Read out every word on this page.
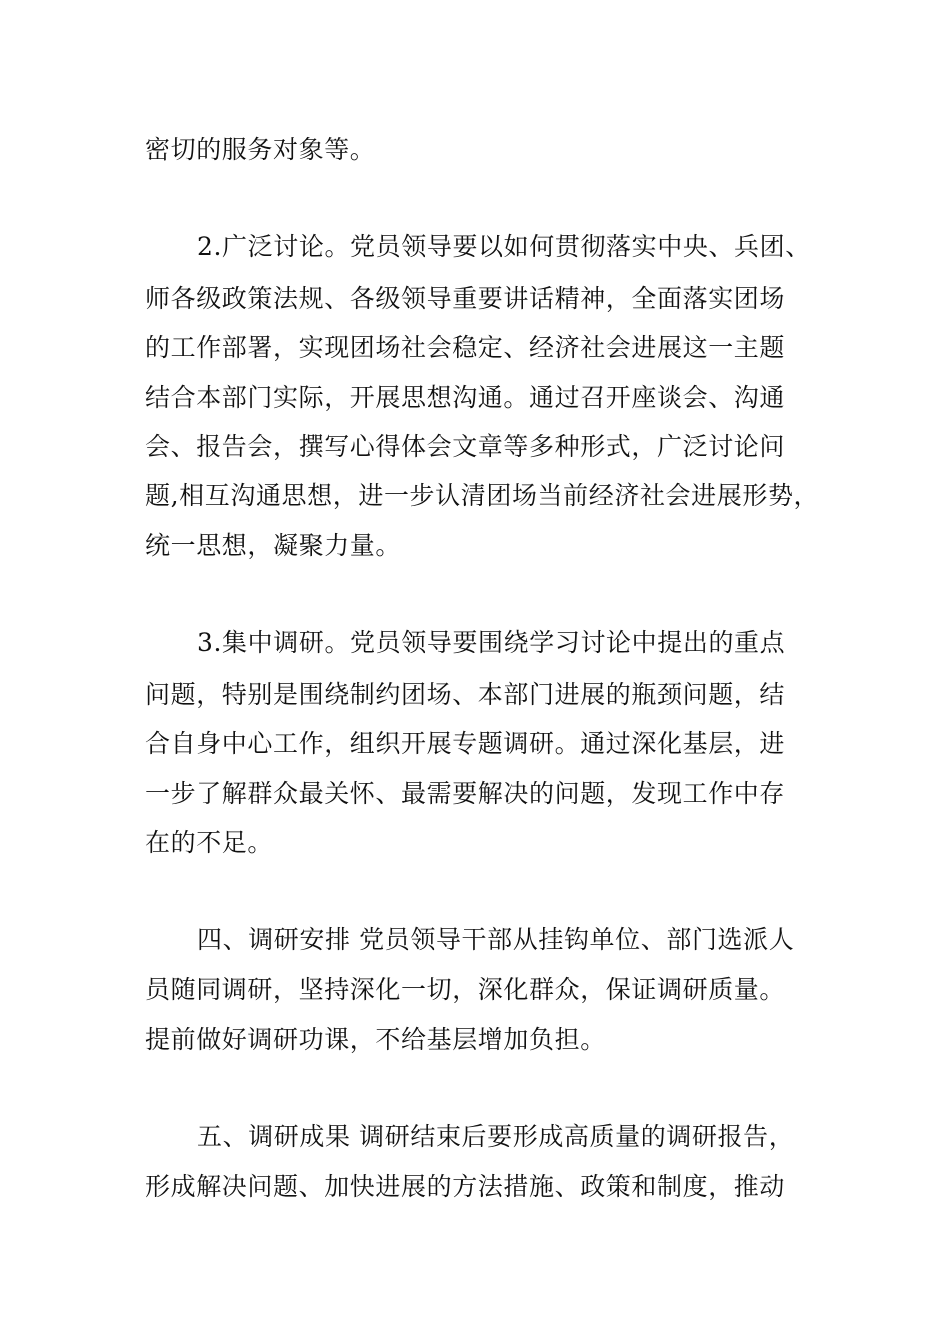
密切的服务对象等。

2.广泛讨论。党员领导要以如何贯彻落实中央、兵团、

师各级政策法规、各级领导重要讲话精神，全面落实团场

的工作部署，实现团场社会稳定、经济社会进展这一主题

结合本部门实际，开展思想沟通。通过召开座谈会、沟通

会、报告会，撰写心得体会文章等多种形式，广泛讨论问

题,相互沟通思想，进一步认清团场当前经济社会进展形势，

统一思想，凝聚力量。

3.集中调研。党员领导要围绕学习讨论中提出的重点

问题，特别是围绕制约团场、本部门进展的瓶颈问题，结

合自身中心工作，组织开展专题调研。通过深化基层，进

一步了解群众最关怀、最需要解决的问题，发现工作中存

在的不足。

四、调研安排 党员领导干部从挂钩单位、部门选派人

员随同调研，坚持深化一切，深化群众，保证调研质量。

提前做好调研功课，不给基层增加负担。

五、调研成果 调研结束后要形成高质量的调研报告，

形成解决问题、加快进展的方法措施、政策和制度，推动
